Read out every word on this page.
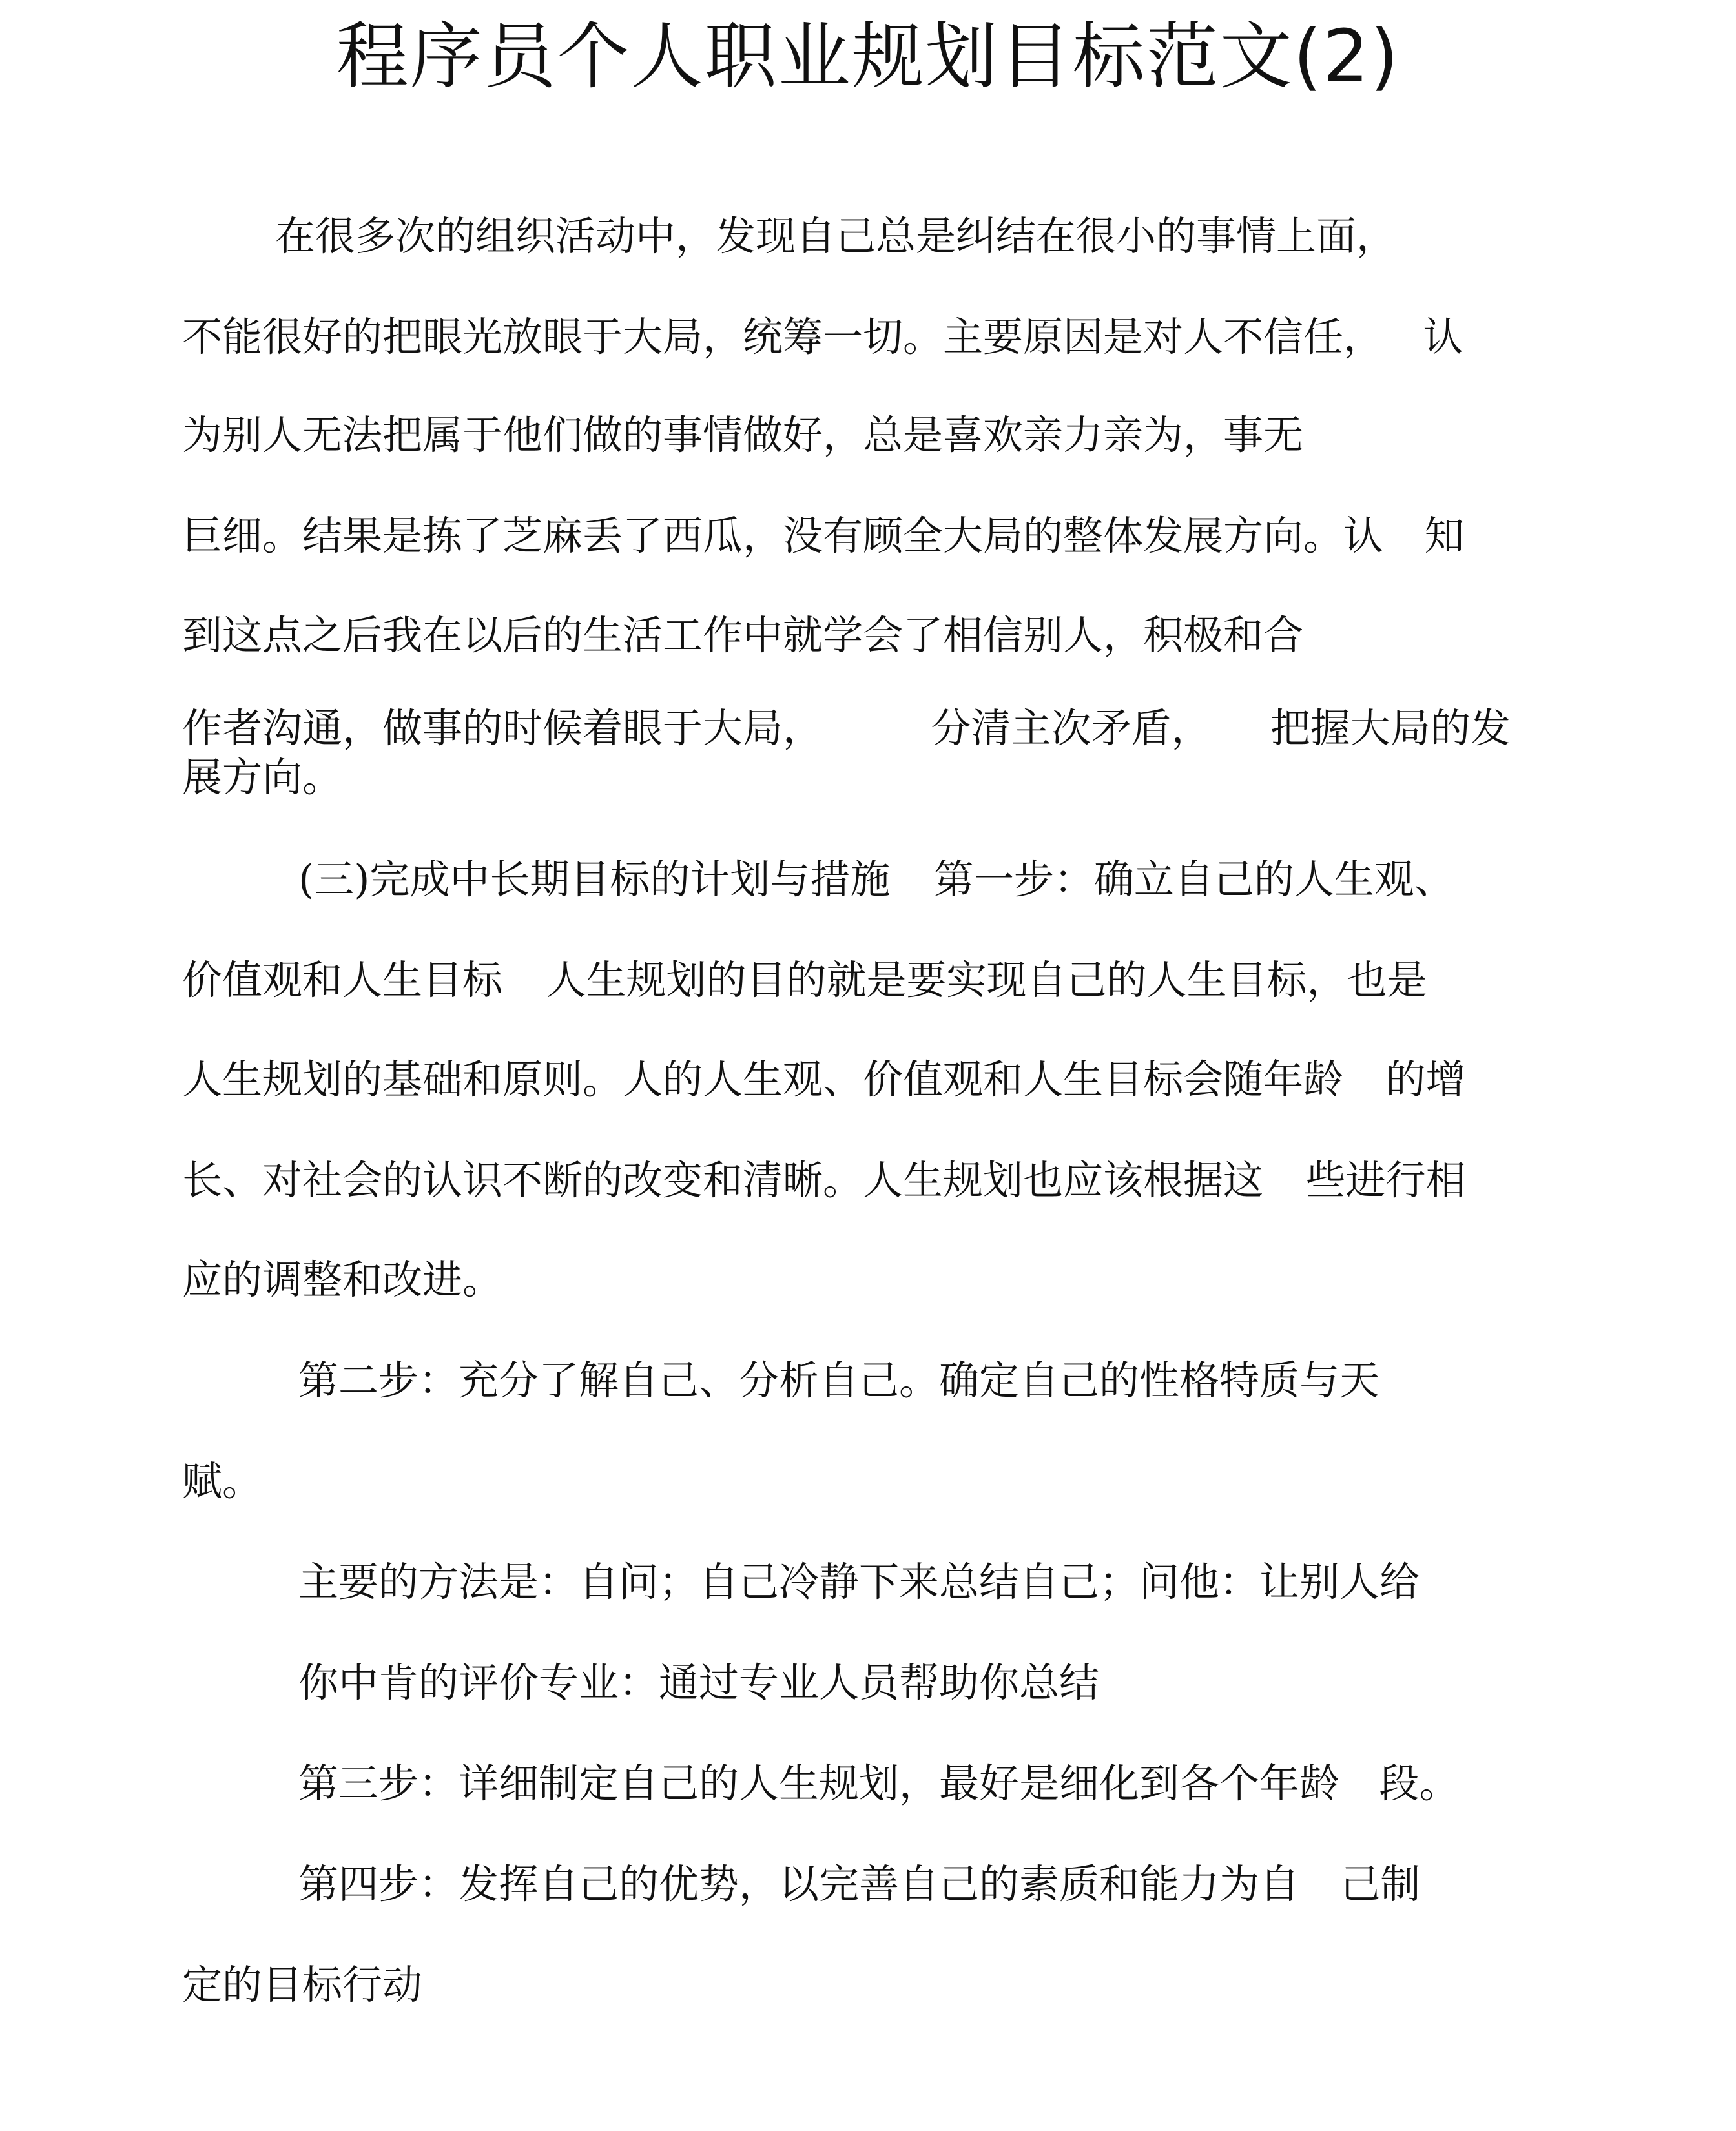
程序员个人职业规划目标范文(2)
在很多次的组织活动中，发现自己总是纠结在很小的事情上面，
不能很好的把眼光放眼于大局，统筹一切。主要原因是对人不信任， 认
为别人无法把属于他们做的事情做好，总是喜欢亲力亲为，事无
巨细。结果是拣了芝麻丢了西瓜，没有顾全大局的整体发展方向。认 知
到这点之后我在以后的生活工作中就学会了相信别人，积极和合
作者沟通，做事的时候着眼于大局，	分清主次矛盾， 把握大局的发
展方向。
(三)完成中长期目标的计划与措施 第一步：确立自己的人生观、
价值观和人生目标 人生规划的目的就是要实现自己的人生目标，也是
人生规划的基础和原则。人的人生观、价值观和人生目标会随年龄 的增
长、对社会的认识不断的改变和清晰。人生规划也应该根据这 些进行相
应的调整和改进。
第二步：充分了解自己、分析自己。确定自己的性格特质与天
赋。
主要的方法是：自问；自己冷静下来总结自己；问他：让别人给
你中肯的评价专业：通过专业人员帮助你总结
第三步：详细制定自己的人生规划，最好是细化到各个年龄 段。
第四步：发挥自己的优势，以完善自己的素质和能力为自 己制
定的目标行动
